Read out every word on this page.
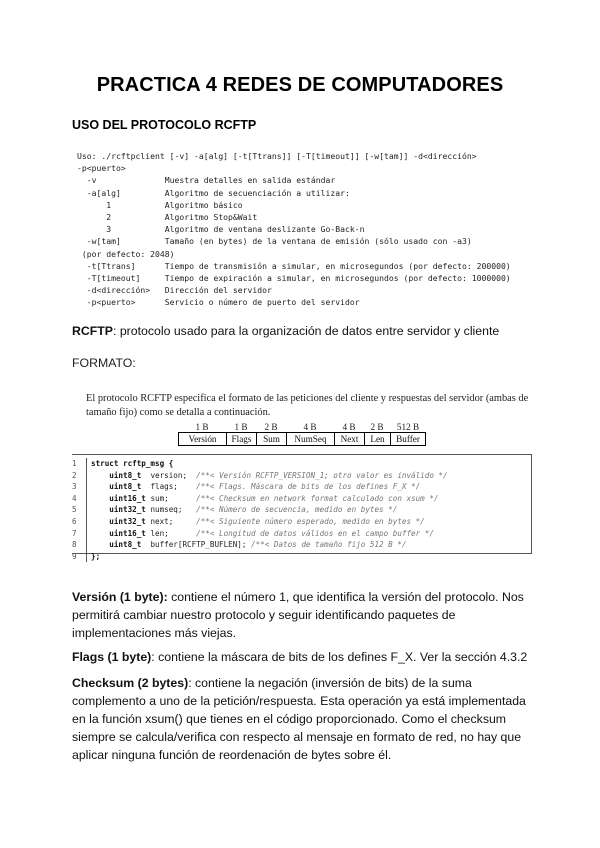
PRACTICA 4 REDES DE COMPUTADORES
USO DEL PROTOCOLO RCFTP
Uso: ./rcftpclient [-v] -a[alg] [-t[Ttrans]] [-T[timeout]] [-w[tam]] -d<dirección>
-p<puerto>
-v              Muestra detalles en salida estándar
-a[alg]         Algoritmo de secuenciación a utilizar:
1           Algoritmo básico
2           Algoritmo Stop&Wait
3           Algoritmo de ventana deslizante Go-Back-n
-w[tam]         Tamaño (en bytes) de la ventana de emisión (sólo usado con -a3)
(por defecto: 2048)
-t[Ttrans]      Tiempo de transmisión a simular, en microsegundos (por defecto: 200000)
-T[timeout]     Tiempo de expiración a simular, en microsegundos (por defecto: 1000000)
-d<dirección>   Dirección del servidor
-p<puerto>      Servicio o número de puerto del servidor
RCFTP: protocolo usado para la organización de datos entre servidor y cliente
FORMATO:
El protocolo RCFTP especifica el formato de las peticiones del cliente y respuestas del servidor (ambas de tamaño fijo) como se detalla a continuación.
1 B	1 B	2 B	4 B	4 B	2 B	512 B
Versión	Flags	Sum	NumSeq	Next	Len	Buffer
1	struct rcftp_msg {
2	uint8_t version; /**< Versión RCFTP_VERSION_1; otro valor es inválido */
3	uint8_t flags; /**< Flags. Máscara de bits de los defines F_X */
4	uint16_t sum; /**< Checksum en network format calculado con xsum */
5	uint32_t numseq; /**< Número de secuencia, medido en bytes */
6	uint32_t next; /**< Siguiente número esperado, medido en bytes */
7	uint16_t len; /**< Longitud de datos válidos en el campo buffer */
8	uint8_t buffer[RCFTP_BUFLEN]; /**< Datos de tamaño fijo 512 B */
9	};
Versión (1 byte): contiene el número 1, que identifica la versión del protocolo. Nos permitirá cambiar nuestro protocolo y seguir identificando paquetes de implementaciones más viejas.
Flags (1 byte): contiene la máscara de bits de los defines F_X. Ver la sección 4.3.2
Checksum (2 bytes): contiene la negación (inversión de bits) de la suma complemento a uno de la petición/respuesta. Esta operación ya está implementada en la función xsum() que tienes en el código proporcionado. Como el checksum siempre se calcula/verifica con respecto al mensaje en formato de red, no hay que aplicar ninguna función de reordenación de bytes sobre él.
